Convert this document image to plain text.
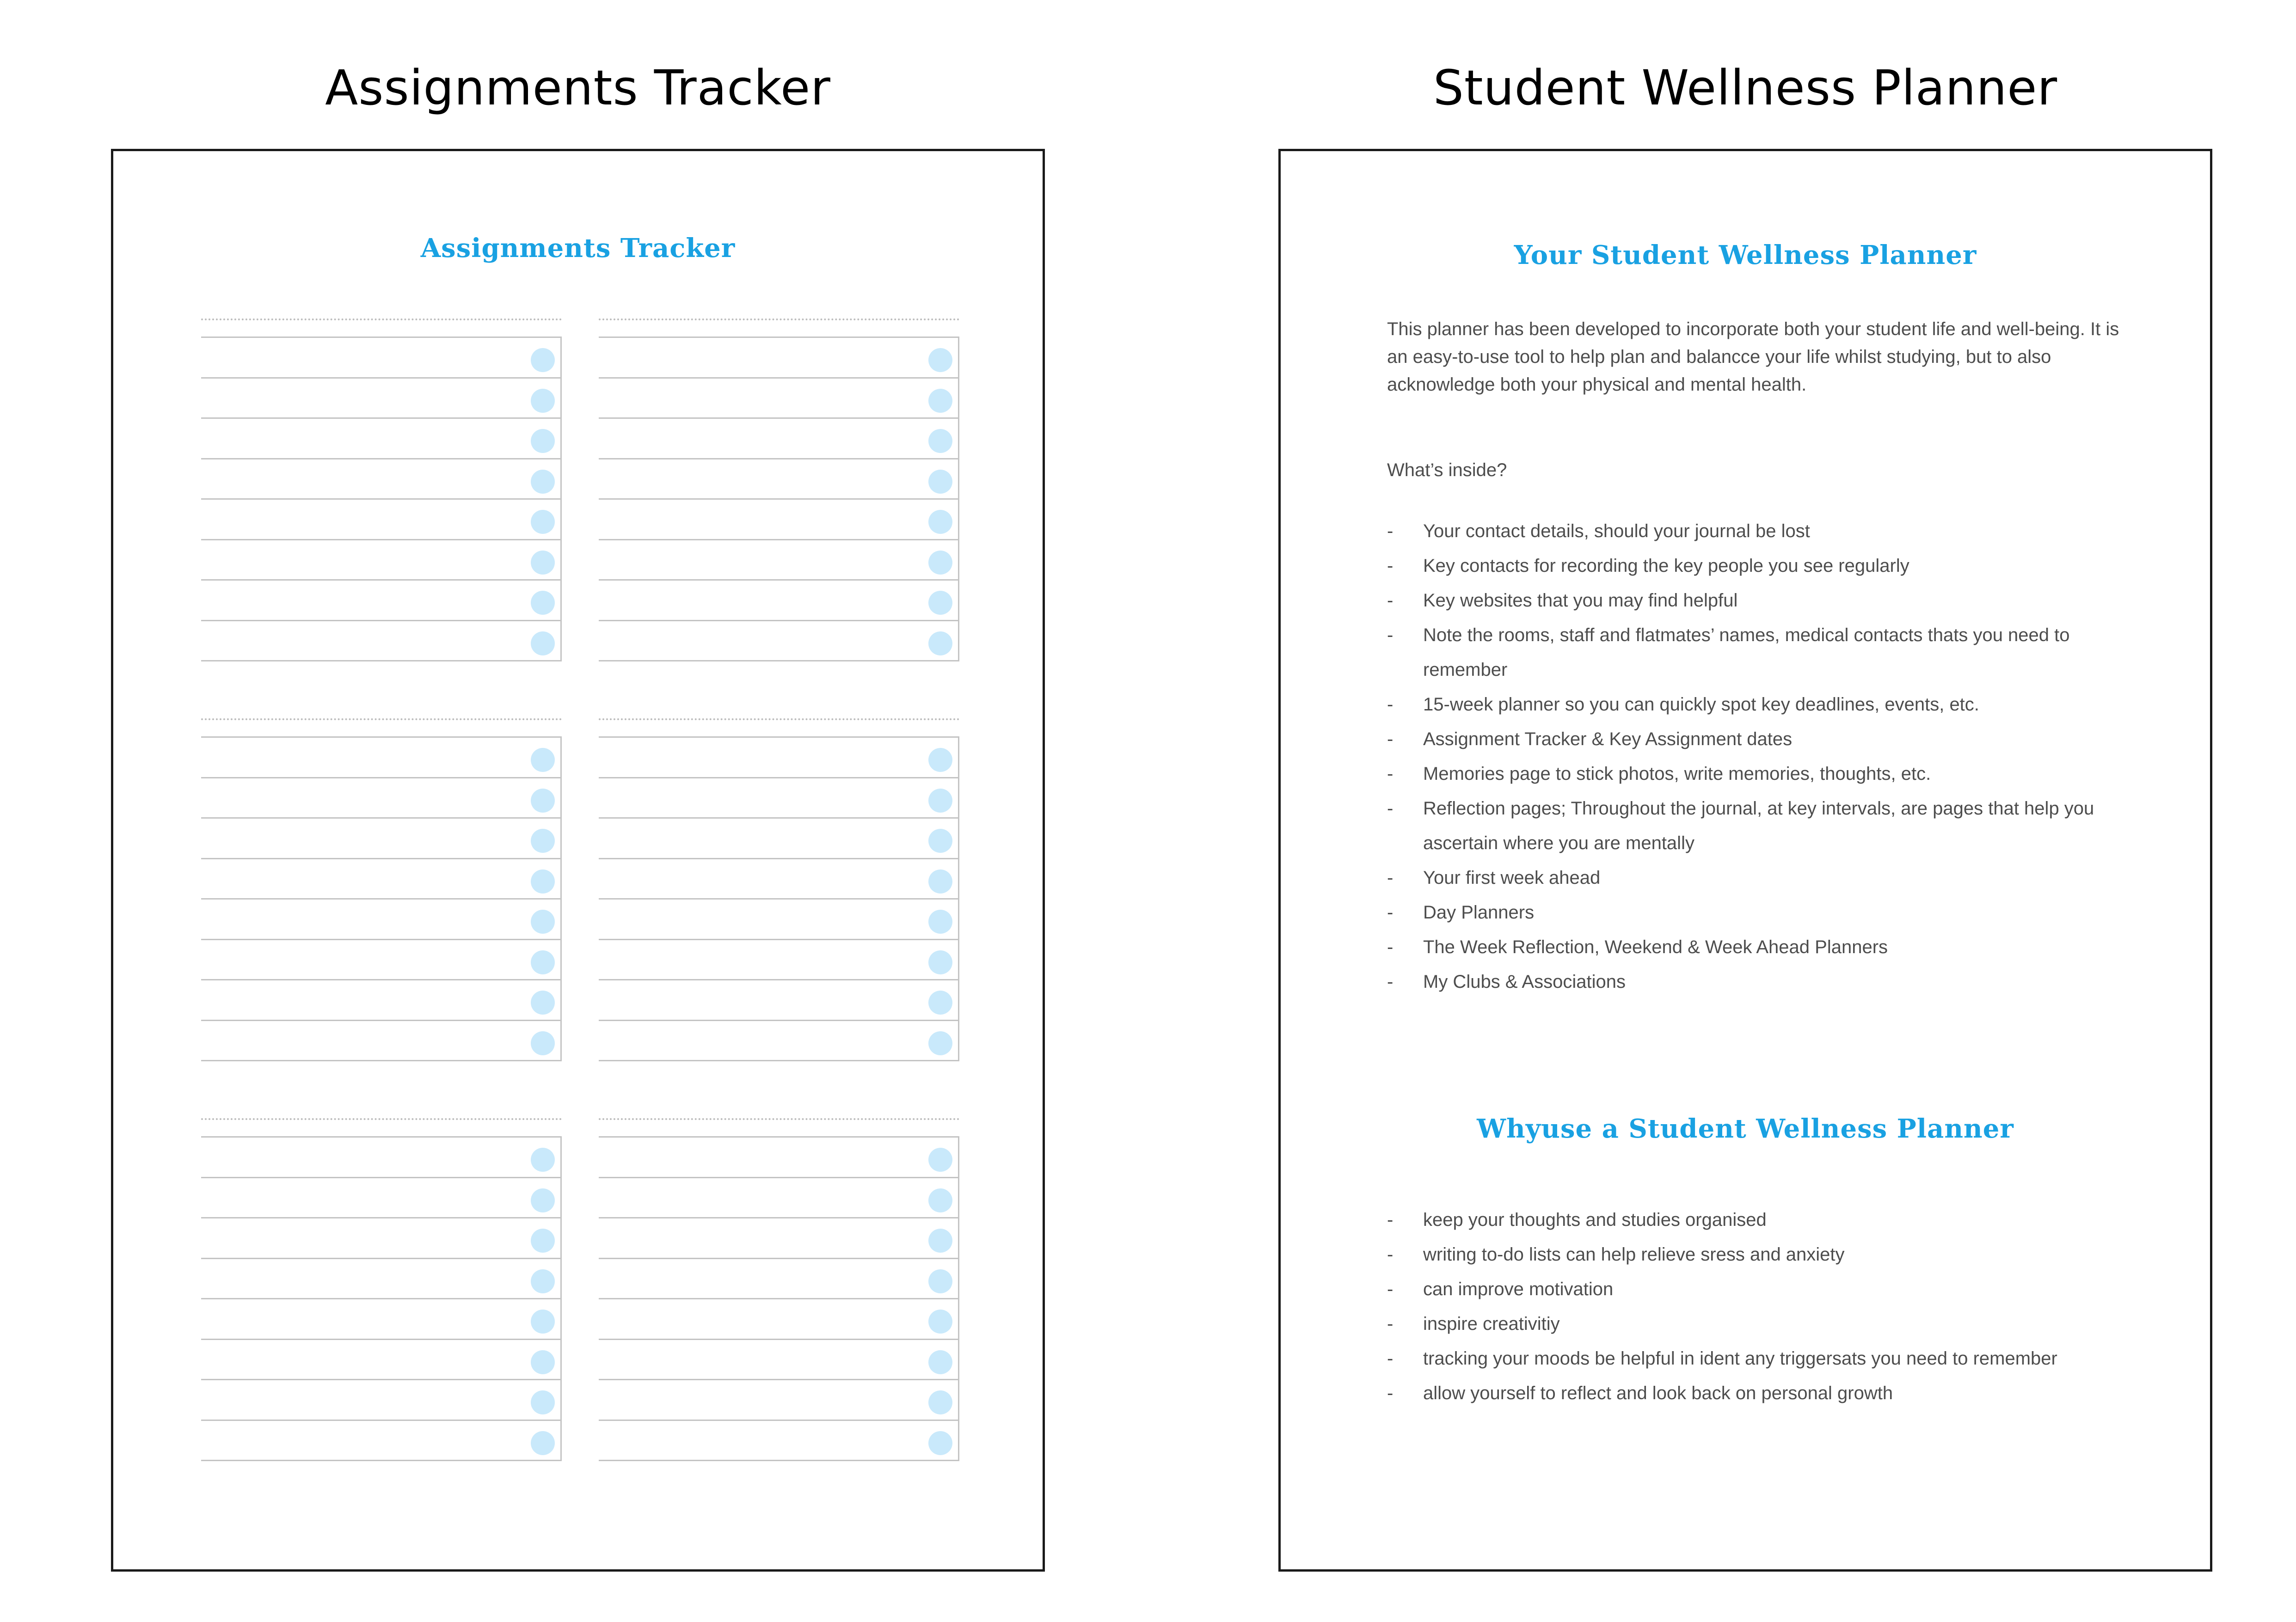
Assignments Tracker	Student Wellness Planner
Assignments Tracker	Your Student Wellness Planner
This planner has been developed to incorporate both your student life and well-being. It is an easy-to-use tool to help plan and balancce your life whilst studying, but to also acknowledge both your physical and mental health.
What’s inside?
- Your contact details, should your journal be lost
- Key contacts for recording the key people you see regularly
- Key websites that you may find helpful
- Note the rooms, staff and flatmates’ names, medical contacts thats you need to remember
- 15-week planner so you can quickly spot key deadlines, events, etc.
- Assignment Tracker & Key Assignment dates
- Memories page to stick photos, write memories, thoughts, etc.
- Reflection pages; Throughout the journal, at key intervals, are pages that help you ascertain where you are mentally
- Your first week ahead
- Day Planners
- The Week Reflection, Weekend & Week Ahead Planners
- My Clubs & Associations
Whyuse a Student Wellness Planner
- keep your thoughts and studies organised
- writing to-do lists can help relieve sress and anxiety
- can improve motivation
- inspire creativitiy
- tracking your moods be helpful in ident any triggersats you need to remember
- allow yourself to reflect and look back on personal growth
